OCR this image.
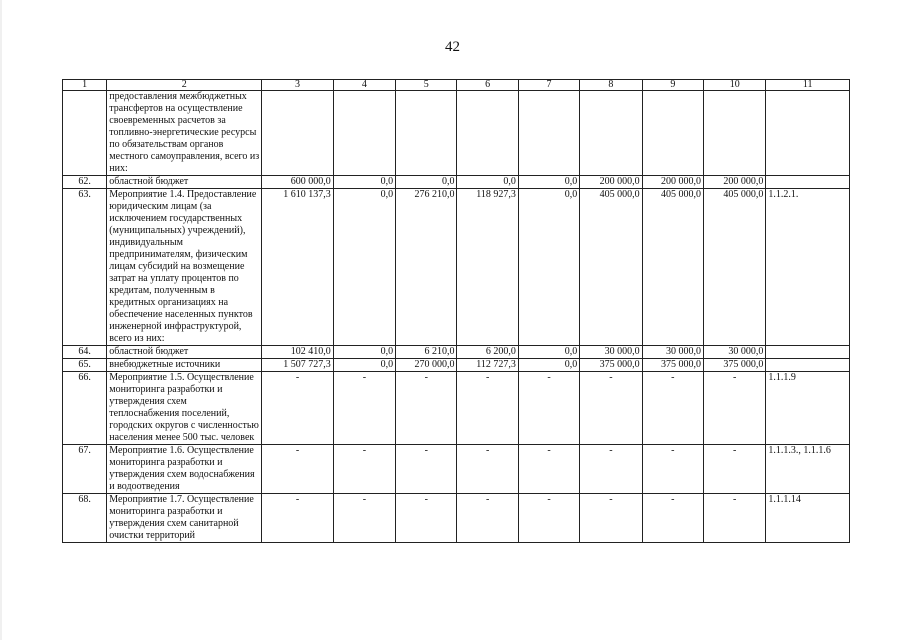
42
1	2	3	4	5	6	7	8	9	10	11
	предоставления межбюджетных трансфертов на осуществление своевременных расчетов за топливно-энергетические ресурсы по обязательствам органов местного самоуправления, всего из них:									
62.	областной бюджет	600 000,0	0,0	0,0	0,0	0,0	200 000,0	200 000,0	200 000,0	
63.	Мероприятие 1.4. Предоставление юридическим лицам (за исключением государственных (муниципальных) учреждений), индивидуальным предпринимателям, физическим лицам субсидий на возмещение затрат на уплату процентов по кредитам, полученным в кредитных организациях на обеспечение населенных пунктов инженерной инфраструктурой, всего из них:	1 610 137,3	0,0	276 210,0	118 927,3	0,0	405 000,0	405 000,0	405 000,0	1.1.2.1.
64.	областной бюджет	102 410,0	0,0	6 210,0	6 200,0	0,0	30 000,0	30 000,0	30 000,0	
65.	внебюджетные источники	1 507 727,3	0,0	270 000,0	112 727,3	0,0	375 000,0	375 000,0	375 000,0	
66.	Мероприятие 1.5. Осуществление мониторинга разработки и утверждения схем теплоснабжения поселений, городских округов с численностью населения менее 500 тыс. человек	-	-	-	-	-	-	-	-	1.1.1.9
67.	Мероприятие 1.6. Осуществление мониторинга разработки и утверждения схем водоснабжения и водоотведения	-	-	-	-	-	-	-	-	1.1.1.3., 1.1.1.6
68.	Мероприятие 1.7. Осуществление мониторинга разработки и утверждения схем санитарной очистки территорий	-	-	-	-	-	-	-	-	1.1.1.14
